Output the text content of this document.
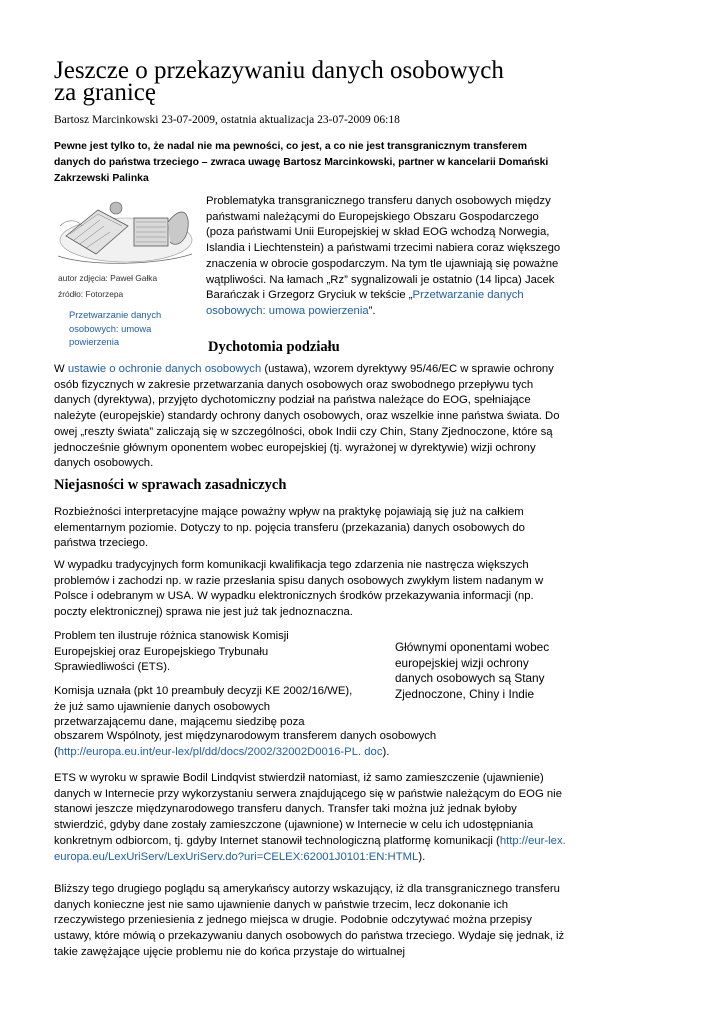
Jeszcze o przekazywaniu danych osobowych za granicę
Bartosz Marcinkowski 23-07-2009, ostatnia aktualizacja 23-07-2009 06:18

Pewne jest tylko to, że nadal nie ma pewności, co jest, a co nie jest transgranicznym transferem danych do państwa trzeciego – zwraca uwagę Bartosz Marcinkowski, partner w kancelarii Domański Zakrzewski Palinka

autor zdjęcia: Paweł Gałka
źródło: Fotorzepa
Przetwarzanie danych osobowych: umowa powierzenia

Problematyka transgranicznego transferu danych osobowych między państwami należącymi do Europejskiego Obszaru Gospodarczego (poza państwami Unii Europejskiej w skład EOG wchodzą Norwegia, Islandia i Liechtenstein) a państwami trzecimi nabiera coraz większego znaczenia w obrocie gospodarczym. Na tym tle ujawniają się poważne wątpliwości. Na łamach „Rz” sygnalizowali je ostatnio (14 lipca) Jacek Barańczak i Grzegorz Gryciuk w tekście „Przetwarzanie danych osobowych: umowa powierzenia”.

Dychotomia podziału

W ustawie o ochronie danych osobowych (ustawa), wzorem dyrektywy 95/46/EC w sprawie ochrony osób fizycznych w zakresie przetwarzania danych osobowych oraz swobodnego przepływu tych danych (dyrektywa), przyjęto dychotomiczny podział na państwa należące do EOG, spełniające należyte (europejskie) standardy ochrony danych osobowych, oraz wszelkie inne państwa świata. Do owej „reszty świata” zaliczają się w szczególności, obok Indii czy Chin, Stany Zjednoczone, które są jednocześnie głównym oponentem wobec europejskiej (tj. wyrażonej w dyrektywie) wizji ochrony danych osobowych.

Niejasności w sprawach zasadniczych

Rozbieżności interpretacyjne mające poważny wpływ na praktykę pojawiają się już na całkiem elementarnym poziomie. Dotyczy to np. pojęcia transferu (przekazania) danych osobowych do państwa trzeciego.

W wypadku tradycyjnych form komunikacji kwalifikacja tego zdarzenia nie nastręcza większych problemów i zachodzi np. w razie przesłania spisu danych osobowych zwykłym listem nadanym w Polsce i odebranym w USA. W wypadku elektronicznych środków przekazywania informacji (np. poczty elektronicznej) sprawa nie jest już tak jednoznaczna.

Problem ten ilustruje różnica stanowisk Komisji Europejskiej oraz Europejskiego Trybunału Sprawiedliwości (ETS).

Komisja uznała (pkt 10 preambuły decyzji KE 2002/16/WE), że już samo ujawnienie danych osobowych przetwarzającemu dane, mającemu siedzibę poza

obszarem Wspólnoty, jest międzynarodowym transferem danych osobowych (http://europa.eu.int/eur-lex/pl/dd/docs/2002/32002D0016-PL. doc).

Głównymi oponentami wobec europejskiej wizji ochrony danych osobowych są Stany Zjednoczone, Chiny i Indie

ETS w wyroku w sprawie Bodil Lindqvist stwierdził natomiast, iż samo zamieszczenie (ujawnienie) danych w Internecie przy wykorzystaniu serwera znajdującego się w państwie należącym do EOG nie stanowi jeszcze międzynarodowego transferu danych. Transfer taki można już jednak byłoby stwierdzić, gdyby dane zostały zamieszczone (ujawnione) w Internecie w celu ich udostępniania konkretnym odbiorcom, tj. gdyby Internet stanowił technologiczną platformę komunikacji (http://eur-lex. europa.eu/LexUriServ/LexUriServ.do?uri=CELEX:62001J0101:EN:HTML).

Bliższy tego drugiego poglądu są amerykańscy autorzy wskazujący, iż dla transgranicznego transferu danych konieczne jest nie samo ujawnienie danych w państwie trzecim, lecz dokonanie ich rzeczywistego przeniesienia z jednego miejsca w drugie. Podobnie odczytywać można przepisy ustawy, które mówią o przekazywaniu danych osobowych do państwa trzeciego. Wydaje się jednak, iż takie zawężające ujęcie problemu nie do końca przystaje do wirtualnej
